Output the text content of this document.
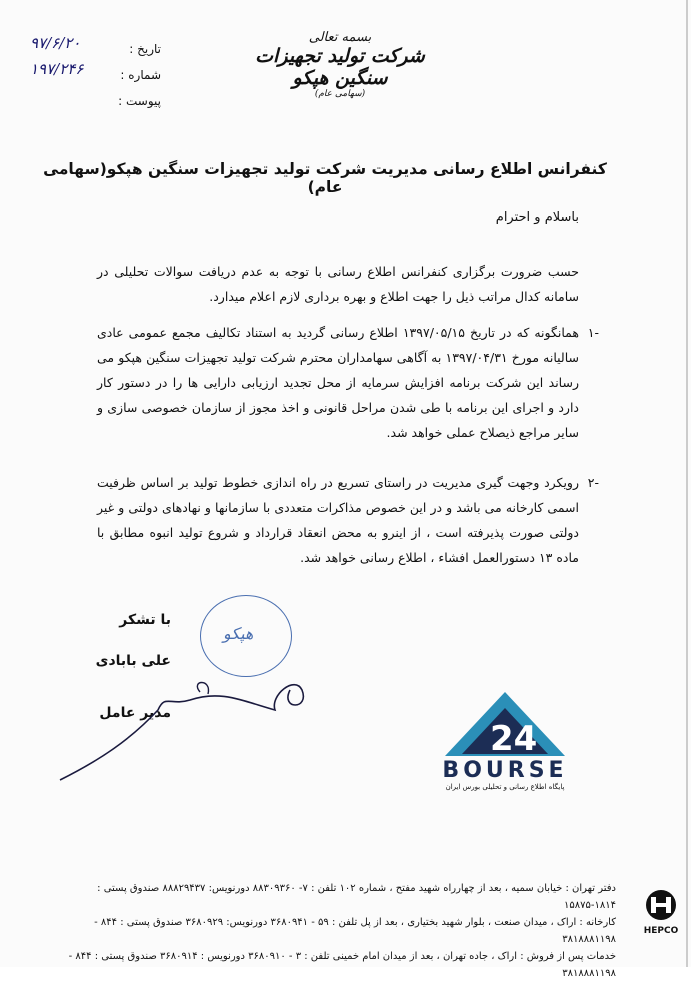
۹۷/۶/۲۰
۱۹۷/۲۴۶
تاریخ :
شماره :
پیوست :
بسمه تعالی
شرکت تولید تجهیزات سنگین هپکو
(سهامی عام)
کنفرانس اطلاع رسانی مدیریت شرکت تولید تجهیزات سنگین هپکو(سهامی عام)
باسلام و احترام
حسب ضرورت برگزاری کنفرانس اطلاع رسانی با توجه به عدم دریافت سوالات تحلیلی در سامانه کدال مراتب ذیل را جهت اطلاع و بهره برداری لازم اعلام میدارد.
-۱
همانگونه که در تاریخ ۱۳۹۷/۰۵/۱۵ اطلاع رسانی گردید به استناد تکالیف مجمع عمومی عادی سالیانه مورخ ۱۳۹۷/۰۴/۳۱ به آگاهی سهامداران محترم شرکت تولید تجهیزات سنگین هپکو می رساند این شرکت برنامه افزایش سرمایه از محل تجدید ارزیابی دارایی ها را در دستور کار دارد و اجرای این برنامه با طی شدن مراحل قانونی و اخذ مجوز از سازمان خصوصی سازی و سایر مراجع ذیصلاح عملی خواهد شد.
-۲
رویکرد وجهت گیری مدیریت در راستای تسریع در راه اندازی خطوط تولید بر اساس ظرفیت اسمی کارخانه می باشد و در این خصوص مذاکرات متعددی با سازمانها و نهادهای دولتی و غیر دولتی صورت پذیرفته است ، از اینرو به محض انعقاد قرارداد و شروع تولید انبوه مطابق با ماده ۱۳ دستورالعمل افشاء ، اطلاع رسانی خواهد شد.
با تشکر
علی بابادی
مدیر عامل
هپکو
24
BOURSE
پایگاه اطلاع رسانی و تحلیلی بورس ایران
دفتر تهران : خیابان سمیه ، بعد از چهارراه شهید مفتح ، شماره ۱۰۲ تلفن : ۷- ۸۸۳۰۹۳۶۰ دورنویس: ۸۸۸۲۹۴۳۷ صندوق پستی : ۱۸۱۴-۱۵۸۷۵
کارخانه : اراک ، میدان صنعت ، بلوار شهید بختیاری ، بعد از پل تلفن : ۵۹ - ۳۶۸۰۹۴۱ دورنویس: ۳۶۸۰۹۲۹ صندوق پستی : ۸۴۴ - ۳۸۱۸۸۸۱۱۹۸
خدمات پس از فروش : اراک ، جاده تهران ، بعد از میدان امام خمینی تلفن : ۳ - ۳۶۸۰۹۱۰ دورنویس : ۳۶۸۰۹۱۴ صندوق پستی : ۸۴۴ - ۳۸۱۸۸۸۱۱۹۸
HEPCO
